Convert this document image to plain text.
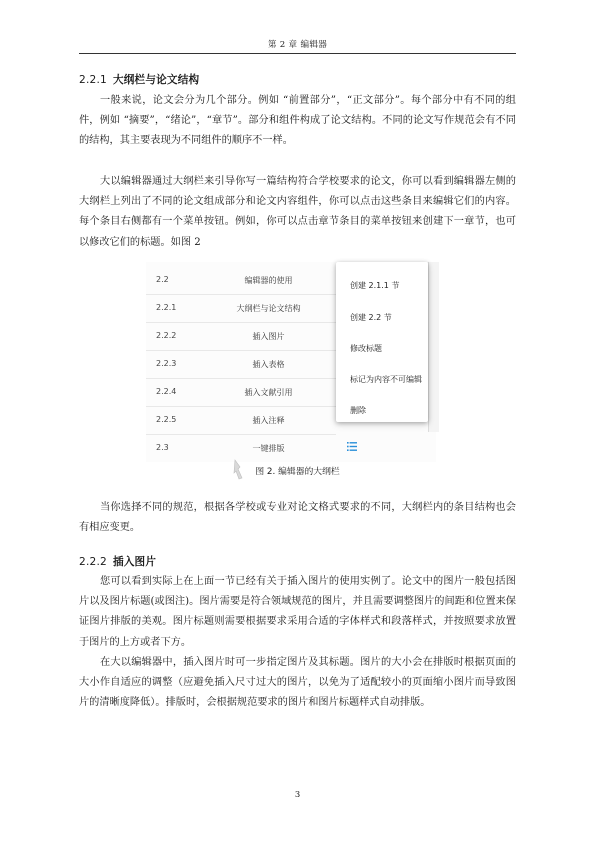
第 2 章 编辑器
2.2.1 大纲栏与论文结构

一般来说，论文会分为几个部分。例如 “前置部分”，“正文部分”。每个部分中有不同的组件，例如 “摘要”，“绪论”，“章节”。部分和组件构成了论文结构。不同的论文写作规范会有不同的结构，其主要表现为不同组件的顺序不一样。

大以编辑器通过大纲栏来引导你写一篇结构符合学校要求的论文，你可以看到编辑器左侧的大纲栏上列出了不同的论文组成部分和论文内容组件，你可以点击这些条目来编辑它们的内容。每个条目右侧都有一个菜单按钮。例如，你可以点击章节条目的菜单按钮来创建下一章节，也可以修改它们的标题。如图 2

2.2	编辑器的使用
2.2.1	大纲栏与论文结构
2.2.2	插入图片
2.2.3	插入表格
2.2.4	插入文献引用
2.2.5	插入注释
2.3	一键排版
创建 2.1.1 节
创建 2.2 节
修改标题
标记为内容不可编辑
删除
图 2. 编辑器的大纲栏

当你选择不同的规范，根据各学校或专业对论文格式要求的不同，大纲栏内的条目结构也会有相应变更。

2.2.2 插入图片

您可以看到实际上在上面一节已经有关于插入图片的使用实例了。论文中的图片一般包括图片以及图片标题(或图注)。图片需要是符合领域规范的图片，并且需要调整图片的间距和位置来保证图片排版的美观。图片标题则需要根据要求采用合适的字体样式和段落样式，并按照要求放置于图片的上方或者下方。

在大以编辑器中，插入图片时可一步指定图片及其标题。图片的大小会在排版时根据页面的大小作自适应的调整（应避免插入尺寸过大的图片，以免为了适配较小的页面缩小图片而导致图片的清晰度降低）。排版时，会根据规范要求的图片和图片标题样式自动排版。

3
